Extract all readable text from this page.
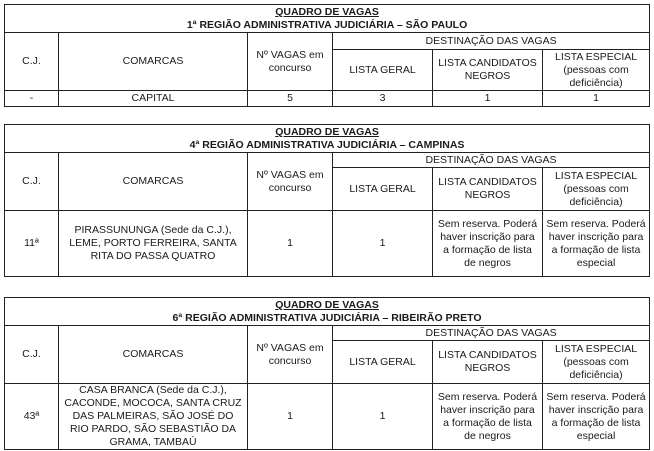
QUADRO DE VAGAS
1ª REGIÃO ADMINISTRATIVA JUDICIÁRIA – SÃO PAULO					

C.J.	COMARCAS	Nº VAGAS em concurso	DESTINAÇÃO DAS VAGAS		
			LISTA GERAL	LISTA CANDIDATOS NEGROS	LISTA ESPECIAL (pessoas com deficiência)
-	CAPITAL	5	3	1	1
QUADRO DE VAGAS
4ª REGIÃO ADMINISTRATIVA JUDICIÁRIA – CAMPINAS					

C.J.	COMARCAS	Nº VAGAS em concurso	DESTINAÇÃO DAS VAGAS		
			LISTA GERAL	LISTA CANDIDATOS NEGROS	LISTA ESPECIAL (pessoas com deficiência)
11ª	PIRASSUNUNGA (Sede da C.J.), LEME, PORTO FERREIRA, SANTA RITA DO PASSA QUATRO	1	1	Sem reserva. Poderá haver inscrição para a formação de lista de negros	Sem reserva. Poderá haver inscrição para a formação de lista especial
QUADRO DE VAGAS
6ª REGIÃO ADMINISTRATIVA JUDICIÁRIA – RIBEIRÃO PRETO					

C.J.	COMARCAS	Nº VAGAS em concurso	DESTINAÇÃO DAS VAGAS		
			LISTA GERAL	LISTA CANDIDATOS NEGROS	LISTA ESPECIAL (pessoas com deficiência)
43ª	CASA BRANCA (Sede da C.J.), CACONDE, MOCOCA, SANTA CRUZ DAS PALMEIRAS, SÃO JOSÉ DO RIO PARDO, SÃO SEBASTIÃO DA GRAMA, TAMBAÚ	1	1	Sem reserva. Poderá haver inscrição para a formação de lista de negros	Sem reserva. Poderá haver inscrição para a formação de lista especial
